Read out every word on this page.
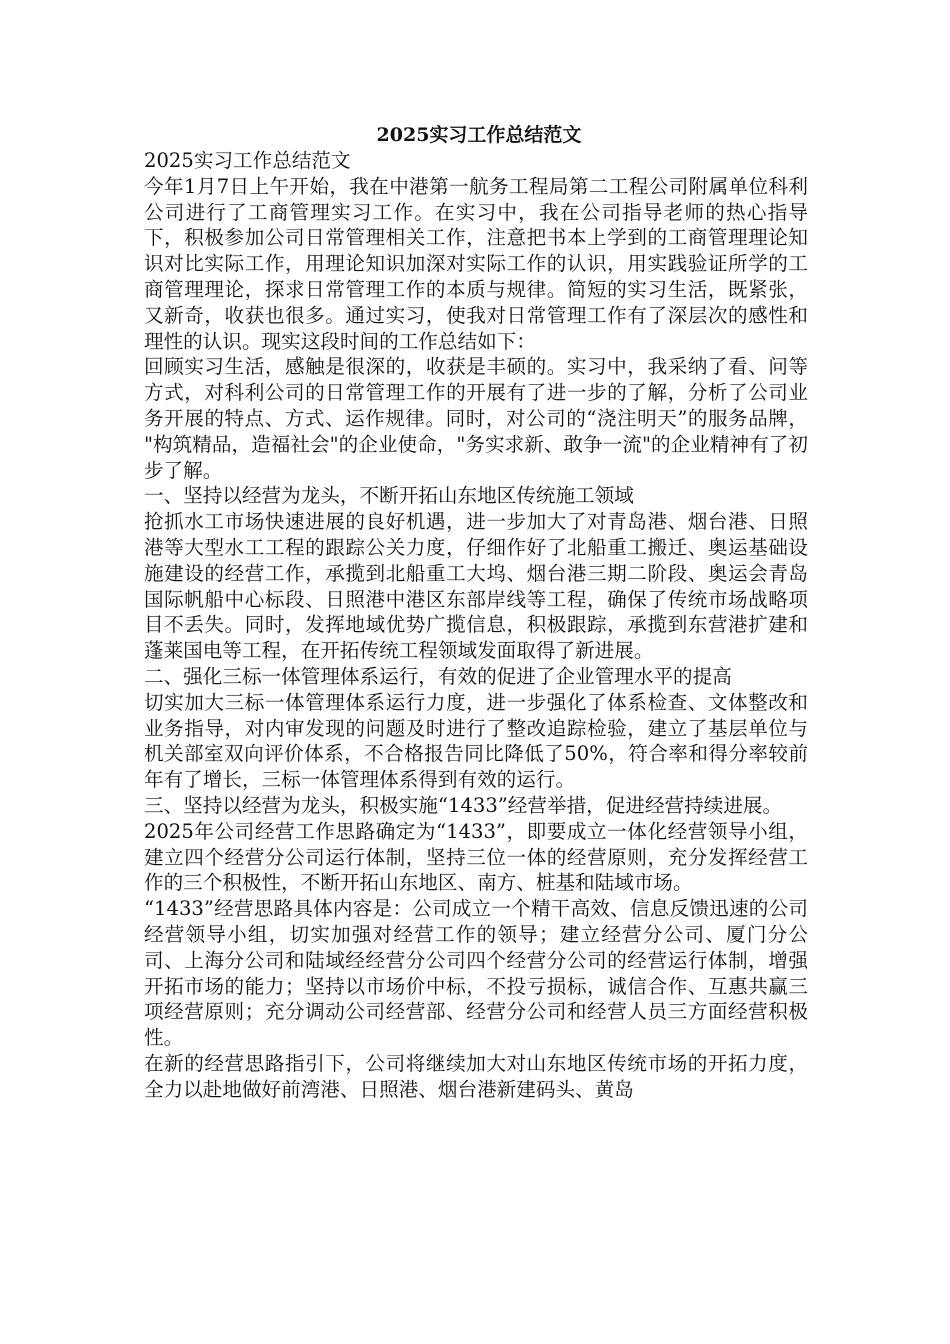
2025实习工作总结范文

2025实习工作总结范文

今年1月7日上午开始，我在中港第一航务工程局第二工程公司附属单位科利公司进行了工商管理实习工作。在实习中，我在公司指导老师的热心指导下，积极参加公司日常管理相关工作，注意把书本上学到的工商管理理论知识对比实际工作，用理论知识加深对实际工作的认识，用实践验证所学的工商管理理论，探求日常管理工作的本质与规律。简短的实习生活，既紧张，又新奇，收获也很多。通过实习，使我对日常管理工作有了深层次的感性和理性的认识。现实这段时间的工作总结如下：

回顾实习生活，感触是很深的，收获是丰硕的。实习中，我采纳了看、问等方式，对科利公司的日常管理工作的开展有了进一步的了解，分析了公司业务开展的特点、方式、运作规律。同时，对公司的“浇注明天”的服务品牌， "构筑精品，造福社会"的企业使命，"务实求新、敢争一流"的企业精神有了初步了解。

一、坚持以经营为龙头，不断开拓山东地区传统施工领域

抢抓水工市场快速进展的良好机遇，进一步加大了对青岛港、烟台港、日照港等大型水工工程的跟踪公关力度，仔细作好了北船重工搬迁、奥运基础设施建设的经营工作，承揽到北船重工大坞、烟台港三期二阶段、奥运会青岛国际帆船中心标段、日照港中港区东部岸线等工程，确保了传统市场战略项目不丢失。同时，发挥地域优势广揽信息，积极跟踪，承揽到东营港扩建和蓬莱国电等工程，在开拓传统工程领域发面取得了新进展。

二、强化三标一体管理体系运行，有效的促进了企业管理水平的提高

切实加大三标一体管理体系运行力度，进一步强化了体系检查、文体整改和业务指导，对内审发现的问题及时进行了整改追踪检验，建立了基层单位与机关部室双向评价体系，不合格报告同比降低了50%，符合率和得分率较前年有了增长，三标一体管理体系得到有效的运行。

三、坚持以经营为龙头，积极实施“1433”经营举措，促进经营持续进展。

2025年公司经营工作思路确定为“1433”，即要成立一体化经营领导小组，建立四个经营分公司运行体制，坚持三位一体的经营原则，充分发挥经营工作的三个积极性，不断开拓山东地区、南方、桩基和陆域市场。

“1433”经营思路具体内容是：公司成立一个精干高效、信息反馈迅速的公司经营领导小组，切实加强对经营工作的领导；建立经营分公司、厦门分公司、上海分公司和陆域经经营分公司四个经营分公司的经营运行体制，增强开拓市场的能力；坚持以市场价中标，不投亏损标，诚信合作、互惠共赢三项经营原则；充分调动公司经营部、经营分公司和经营人员三方面经营积极性。

在新的经营思路指引下，公司将继续加大对山东地区传统市场的开拓力度，全力以赴地做好前湾港、日照港、烟台港新建码头、黄岛
